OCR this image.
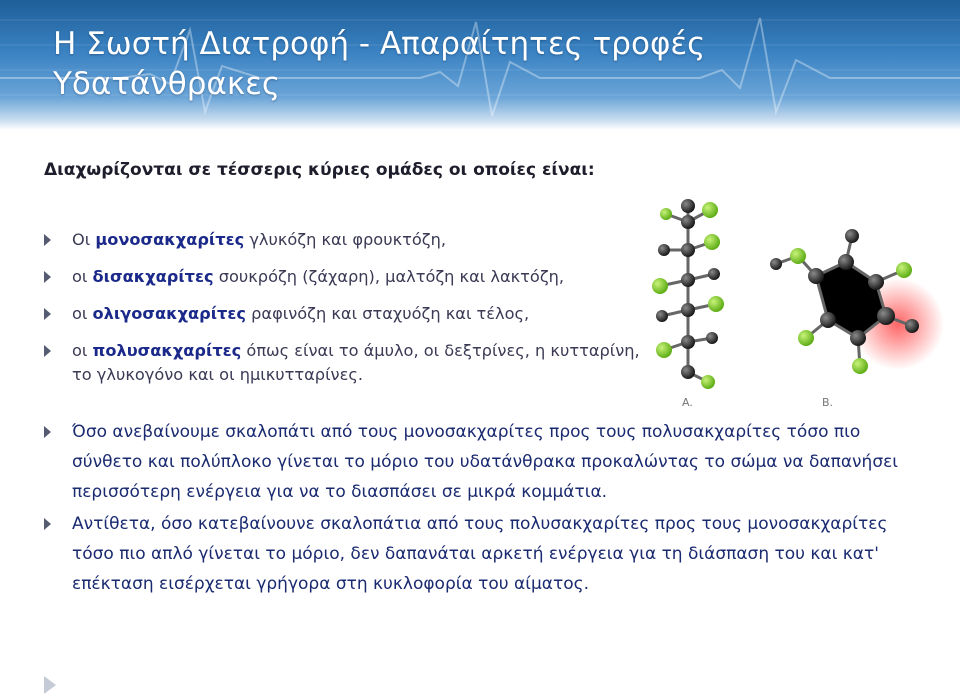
Η Σωστή Διατροφή - Απαραίτητες τροφές
Υδατάνθρακες
Διαχωρίζονται σε τέσσερις κύριες ομάδες οι οποίες είναι:
Οι μονοσακχαρίτες γλυκόζη και φρουκτόζη,
οι δισακχαρίτες σουκρόζη (ζάχαρη), μαλτόζη και λακτόζη,
οι ολιγοσακχαρίτες ραφινόζη και σταχυόζη και τέλος,
οι πολυσακχαρίτες όπως είναι το άμυλο, οι δεξτρίνες, η κυτταρίνη, το γλυκογόνο και οι ημικυτταρίνες.
A.	B.
Όσο ανεβαίνουμε σκαλοπάτι από τους μονοσακχαρίτες προς τους πολυσακχαρίτες τόσο πιο σύνθετο και πολύπλοκο γίνεται το μόριο του υδατάνθρακα προκαλώντας το σώμα να δαπανήσει περισσότερη ενέργεια για να το διασπάσει σε μικρά κομμάτια.
Αντίθετα, όσο κατεβαίνουνε σκαλοπάτια από τους πολυσακχαρίτες προς τους μονοσακχαρίτες τόσο πιο απλό γίνεται το μόριο, δεν δαπανάται αρκετή ενέργεια για τη διάσπαση του και κατ' επέκταση εισέρχεται γρήγορα στη κυκλοφορία του αίματος.
